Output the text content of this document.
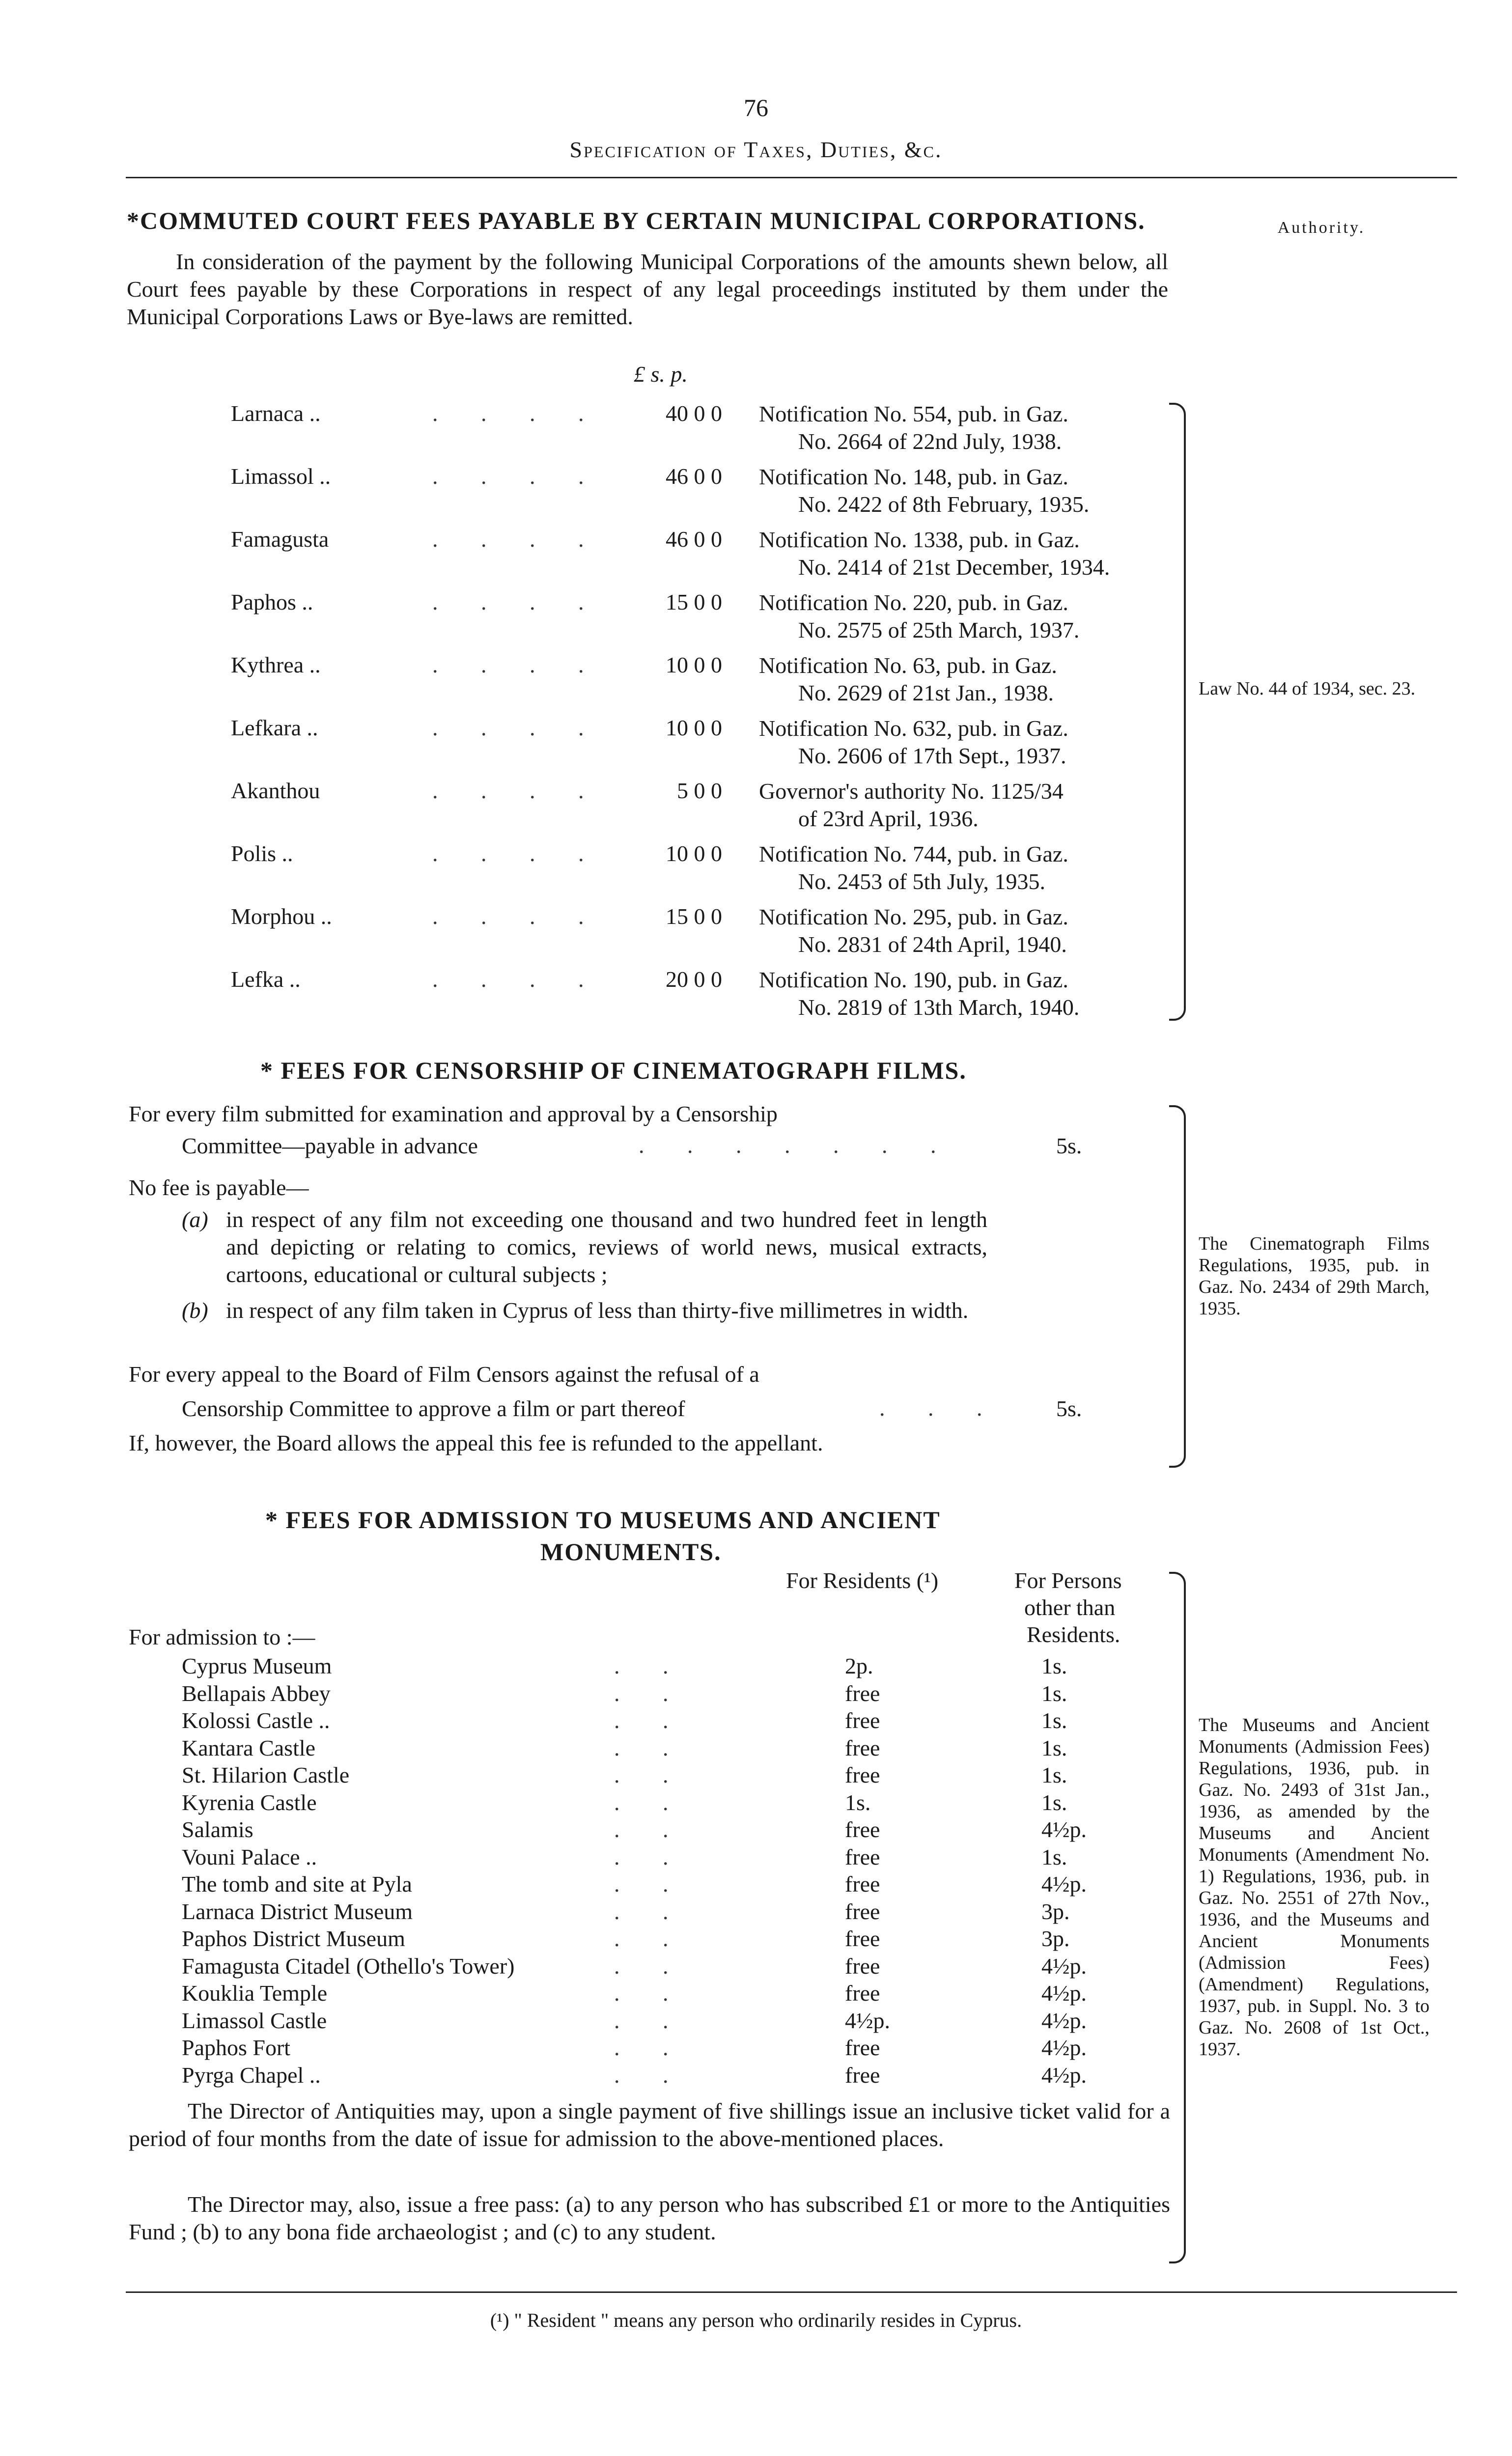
76
Specification of Taxes, Duties, &c.
*COMMUTED COURT FEES PAYABLE BY CERTAIN MUNICIPAL CORPORATIONS.	Authority.
In consideration of the payment by the following Municipal Corporations of the amounts shewn below, all Court fees payable by these Corporations in respect of any legal proceedings instituted by them under the Municipal Corporations Laws or Bye-laws are remitted.
£ s. p.
Larnaca ..	. . . .	40 0 0 Notification No. 554, pub. in Gaz.
No. 2664 of 22nd July, 1938.
Limassol ..	. . . .	46 0 0 Notification No. 148, pub. in Gaz.
No. 2422 of 8th February, 1935.
Famagusta	. . . .	46 0 0 Notification No. 1338, pub. in Gaz.
No. 2414 of 21st December, 1934.
Paphos ..	. . . .	15 0 0 Notification No. 220, pub. in Gaz.
No. 2575 of 25th March, 1937.
Kythrea ..	. . . .	10 0 0 Notification No. 63, pub. in Gaz.
No. 2629 of 21st Jan., 1938.
Lefkara ..	. . . .	10 0 0 Notification No. 632, pub. in Gaz.
No. 2606 of 17th Sept., 1937.
Akanthou	. . . .	5 0 0 Governor's authority No. 1125/34
of 23rd April, 1936.
Polis ..	. . . .	10 0 0 Notification No. 744, pub. in Gaz.
No. 2453 of 5th July, 1935.
Morphou ..	. . . .	15 0 0 Notification No. 295, pub. in Gaz.
No. 2831 of 24th April, 1940.
Lefka ..	. . . .	20 0 0 Notification No. 190, pub. in Gaz.
No. 2819 of 13th March, 1940.
Law No. 44 of 1934, sec. 23.
* FEES FOR CENSORSHIP OF CINEMATOGRAPH FILMS.
For every film submitted for examination and approval by a Censorship
Committee—payable in advance	. . . . . . .	5s.
No fee is payable—
(a) in respect of any film not exceeding one thousand and two hundred feet in length and depicting or relating to comics, reviews of world news, musical extracts, cartoons, educational or cultural subjects ;
(b) in respect of any film taken in Cyprus of less than thirty-five millimetres in width.
For every appeal to the Board of Film Censors against the refusal of a
Censorship Committee to approve a film or part thereof	. . . 5s.
If, however, the Board allows the appeal this fee is refunded to the appellant.
The Cinematograph Films Regulations, 1935, pub. in Gaz. No. 2434 of 29th March, 1935.
* FEES FOR ADMISSION TO MUSEUMS AND ANCIENT
MONUMENTS.
For Residents (¹)	For Persons
other than
Residents.
For admission to :—
Cyprus Museum	. .	2p.	1s.
Bellapais Abbey	. .	free	1s.
Kolossi Castle ..	. .	free	1s.
Kantara Castle	. .	free	1s.
St. Hilarion Castle	. .	free	1s.
Kyrenia Castle	. .	1s.	1s.
Salamis	. .	free	4½p.
Vouni Palace ..	. .	free	1s.
The tomb and site at Pyla	. .	free	4½p.
Larnaca District Museum	. .	free	3p.
Paphos District Museum	. .	free	3p.
Famagusta Citadel (Othello's Tower)	. .	free	4½p.
Kouklia Temple	. .	free	4½p.
Limassol Castle	. .	4½p.	4½p.
Paphos Fort	. .	free	4½p.
Pyrga Chapel ..	. .	free	4½p.
The Director of Antiquities may, upon a single payment of five shillings issue an inclusive ticket valid for a period of four months from the date of issue for admission to the above-mentioned places.
The Director may, also, issue a free pass: (a) to any person who has subscribed £1 or more to the Antiquities Fund ; (b) to any bona fide archaeologist ; and (c) to any student.
The Museums and Ancient Monuments (Admission Fees) Regulations, 1936, pub. in Gaz. No. 2493 of 31st Jan., 1936, as amended by the Museums and Ancient Monuments (Amendment No. 1) Regulations, 1936, pub. in Gaz. No. 2551 of 27th Nov., 1936, and the Museums and Ancient Monuments (Admission Fees) (Amendment) Regulations, 1937, pub. in Suppl. No. 3 to Gaz. No. 2608 of 1st Oct., 1937.
(¹) " Resident " means any person who ordinarily resides in Cyprus.
